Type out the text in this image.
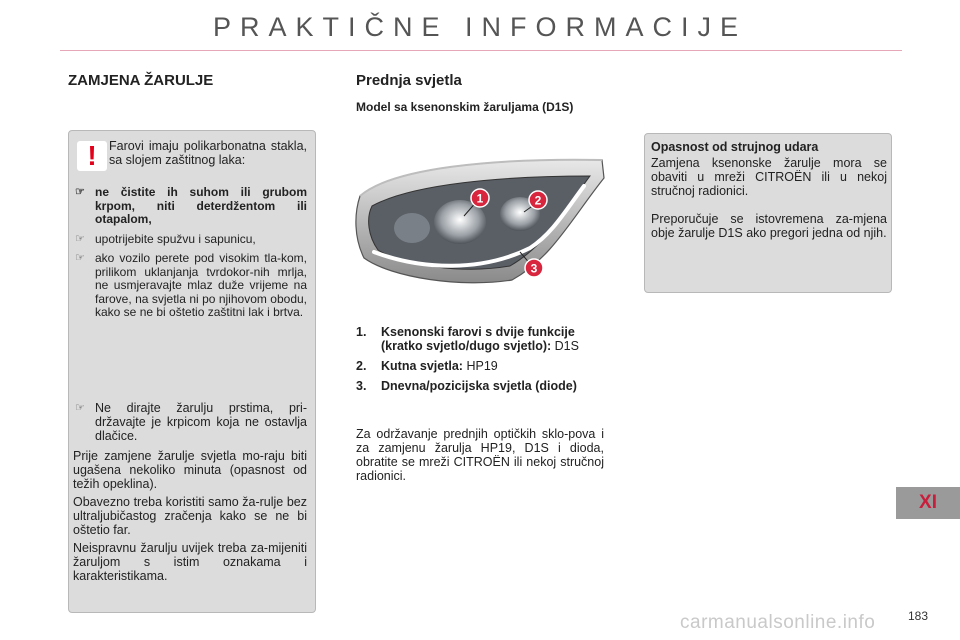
PRAKTIČNE INFORMACIJE
ZAMJENA ŽARULJE
! Farovi imaju polikarbonatna stakla, sa slojem zaštitnog laka:

☞ ne čistite ih suhom ili grubom krpom, niti deterdžentom ili otapalom,
☞ upotrijebite spužvu i sapunicu,
☞ ako vozilo perete pod visokim tla-kom, prilikom uklanjanja tvrdokor-nih mrlja, ne usmjeravajte mlaz duže vrijeme na farove, na svjetla ni po njihovom obodu, kako se ne bi oštetio zaštitni lak i brtva.
☞ Ne dirajte žarulju prstima, pri-državajte je krpicom koja ne ostavlja dlačice.

Prije zamjene žarulje svjetla mo-raju biti ugašena nekoliko minuta (opasnost od težih opeklina).

Obavezno treba koristiti samo ža-rulje bez ultraljubičastog zračenja kako se ne bi oštetio far.

Neispravnu žarulju uvijek treba za-mijeniti žaruljom s istim oznakama i karakteristikama.

Prednja svjetla
Model sa ksenonskim žaruljama (D1S)
1	2
3
1. Ksenonski farovi s dvije funkcije (kratko svjetlo/dugo svjetlo): D1S
2. Kutna svjetla: HP19
3. Dnevna/pozicijska svjetla (diode)

Za održavanje prednjih optičkih sklo-pova i za zamjenu žarulja HP19, D1S i dioda, obratite se mreži CITROËN ili nekoj stručnoj radionici.

Opasnost od strujnog udara

Zamjena ksenonske žarulje mora se obaviti u mreži CITROËN ili u nekoj stručnoj radionici.

Preporučuje se istovremena za-mjena obje žarulje D1S ako pregori jedna od njih.

XI
carmanualsonline.info	183
